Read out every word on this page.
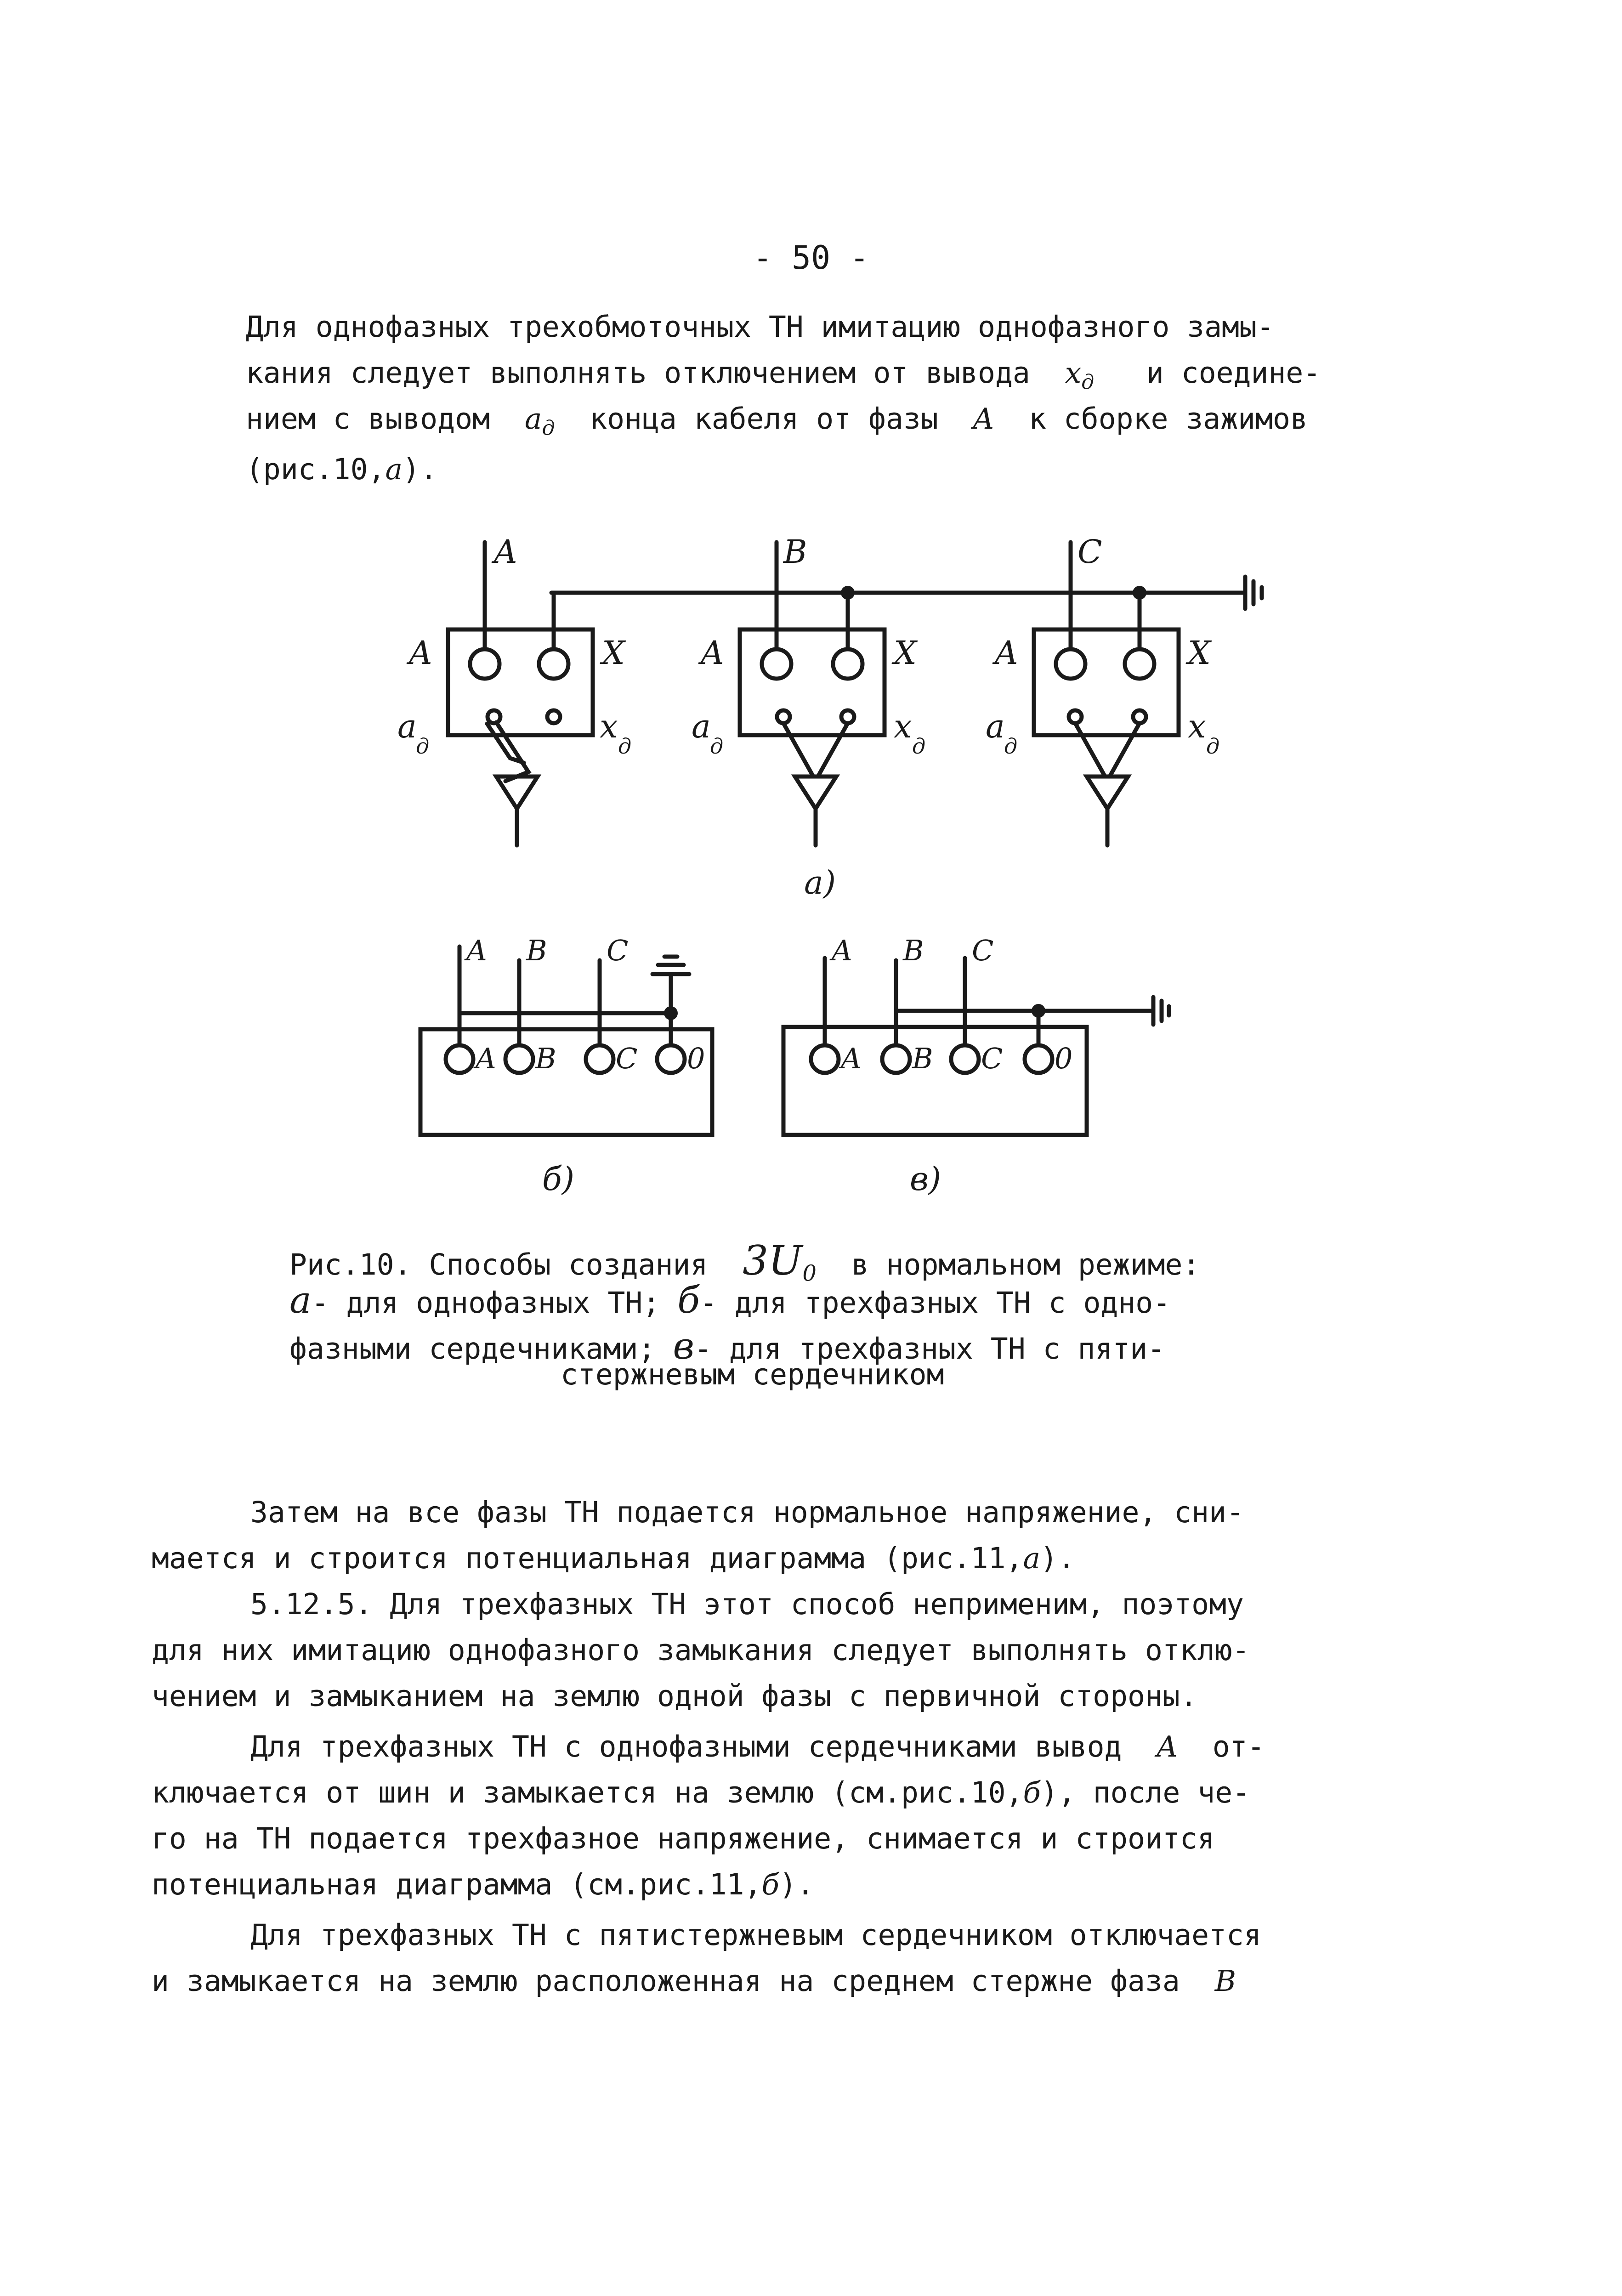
- 50 -
Для однофазных трехобмоточных ТН имитацию однофазного замы-
кания следует выполнять отключением от вывода $x_д$ и соедине-
нием с выводом $a_д$ конца кабеля от фазы A к сборке зажимов
(рис.10,a).
A	B	C
A	X A	X A	X
a
д
x
д
a
д
x
д
a
д
x
д
a)
A B C
A B C 0
б)
A B C
A B C 0
в)
Рис.10. Способы создания $3U_0$ в нормальном режиме:
a- для однофазных ТН; б- для трехфазных ТН с одно-
фазными сердечниками; в- для трехфазных ТН с пяти-
стержневым сердечником
Затем на все фазы ТН подается нормальное напряжение, сни-
мается и строится потенциальная диаграмма (рис.11,a).
5.12.5. Для трехфазных ТН этот способ неприменим, поэтому
для них имитацию однофазного замыкания следует выполнять отклю-
чением и замыканием на землю одной фазы с первичной стороны.
Для трехфазных ТН с однофазными сердечниками вывод A от-
ключается от шин и замыкается на землю (см.рис.10,б), после че-
го на ТН подается трехфазное напряжение, снимается и строится
потенциальная диаграмма (см.рис.11,б).
Для трехфазных ТН с пятистержневым сердечником отключается
и замыкается на землю расположенная на среднем стержне фаза B
